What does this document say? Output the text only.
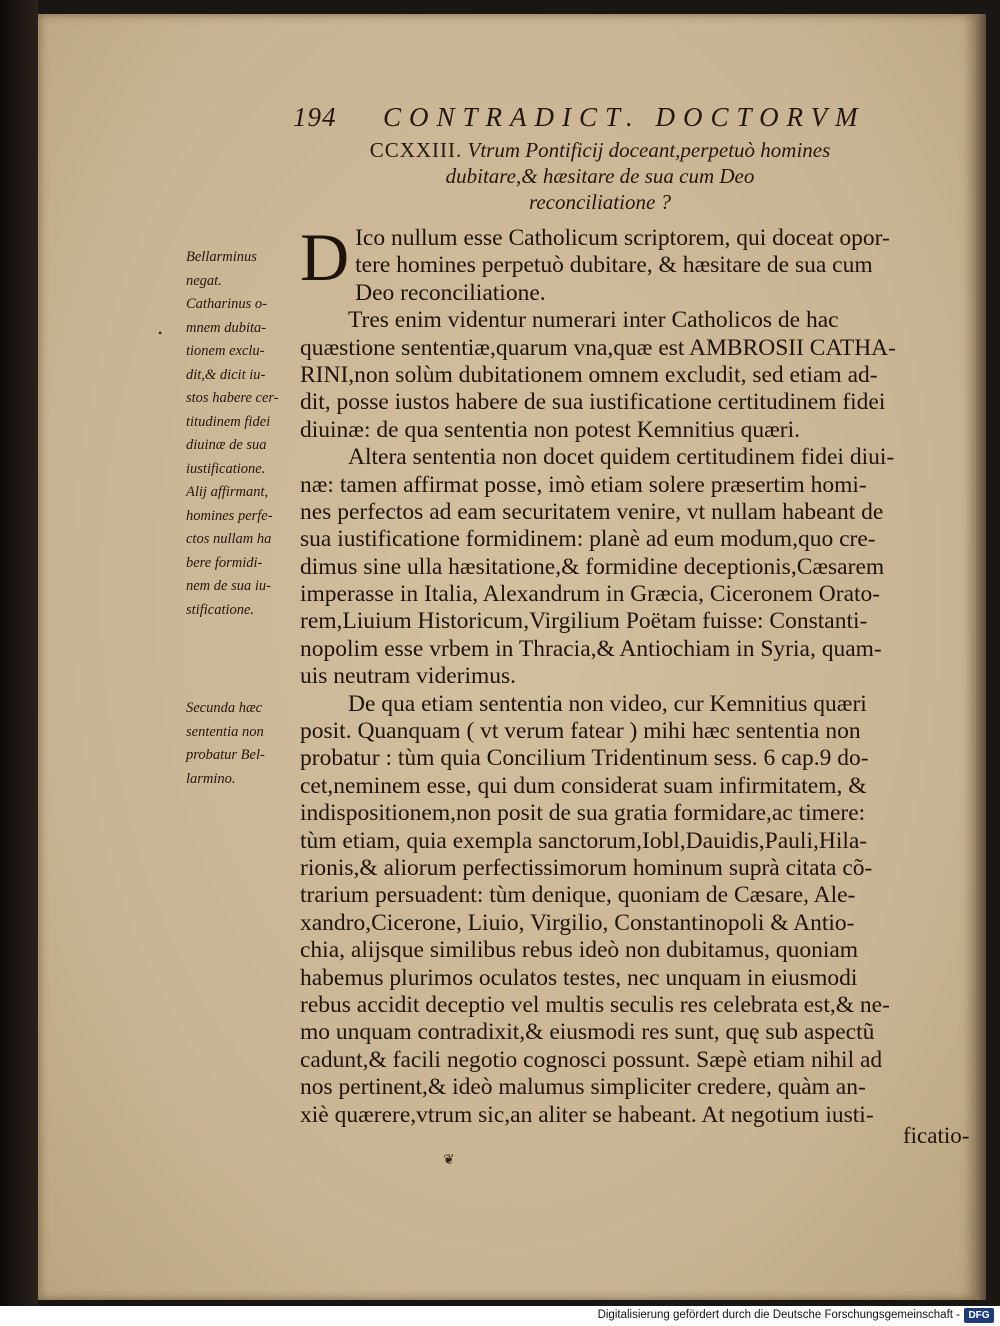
194 CONTRADICT. DOCTORVM
CCXXIII. Vtrum Pontificij doceant,perpetuò homines
dubitare,& hæsitare de sua cum Deo
reconciliatione ?
Bellarminus
negat.
Catharinus o-
mnem dubita-
tionem exclu-
dit,& dicit iu-
stos habere cer-
titudinem fidei
diuinæ de sua
iustificatione.
Alij affirmant,
homines perfe-
ctos nullam ha
bere formidi-
nem de sua iu-
stificatione.
Secunda hæc
sententia non
probatur Bel-
larmino.
•
D Ico nullum esse Catholicum scriptorem, qui doceat opor-
tere homines perpetuò dubitare, & hæsitare de sua cum
Deo reconciliatione.
Tres enim videntur numerari inter Catholicos de hac
quæstione sententiæ,quarum vna,quæ est AMBROSII CATHA-
RINI,non solùm dubitationem omnem excludit, sed etiam ad-
dit, posse iustos habere de sua iustificatione certitudinem fidei
diuinæ: de qua sententia non potest Kemnitius quæri.
Altera sententia non docet quidem certitudinem fidei diui-
næ: tamen affirmat posse, imò etiam solere præsertim homi-
nes perfectos ad eam securitatem venire, vt nullam habeant de
sua iustificatione formidinem: planè ad eum modum,quo cre-
dimus sine ulla hæsitatione,& formidine deceptionis,Cæsarem
imperasse in Italia, Alexandrum in Græcia, Ciceronem Orato-
rem,Liuium Historicum,Virgilium Poëtam fuisse: Constanti-
nopolim esse vrbem in Thracia,& Antiochiam in Syria, quam-
uis neutram viderimus.
De qua etiam sententia non video, cur Kemnitius quæri
posit. Quanquam ( vt verum fatear ) mihi hæc sententia non
probatur : tùm quia Concilium Tridentinum sess. 6 cap.9 do-
cet,neminem esse, qui dum considerat suam infirmitatem, &
indispositionem,non posit de sua gratia formidare,ac timere:
tùm etiam, quia exempla sanctorum,Iobl,Dauidis,Pauli,Hila-
rionis,& aliorum perfectissimorum hominum suprà citata cõ-
trarium persuadent: tùm denique, quoniam de Cæsare, Ale-
xandro,Cicerone, Liuio, Virgilio, Constantinopoli & Antio-
chia, alijsque similibus rebus ideò non dubitamus, quoniam
habemus plurimos oculatos testes, nec unquam in eiusmodi
rebus accidit deceptio vel multis seculis res celebrata est,& ne-
mo unquam contradixit,& eiusmodi res sunt, quę sub aspectũ
cadunt,& facili negotio cognosci possunt. Sæpè etiam nihil ad
nos pertinent,& ideò malumus simpliciter credere, quàm an-
xiè quærere,vtrum sic,an aliter se habeant. At negotium iusti-
ficatio-
❦
Digitalisierung gefördert durch die Deutsche Forschungsgemeinschaft - DFG
